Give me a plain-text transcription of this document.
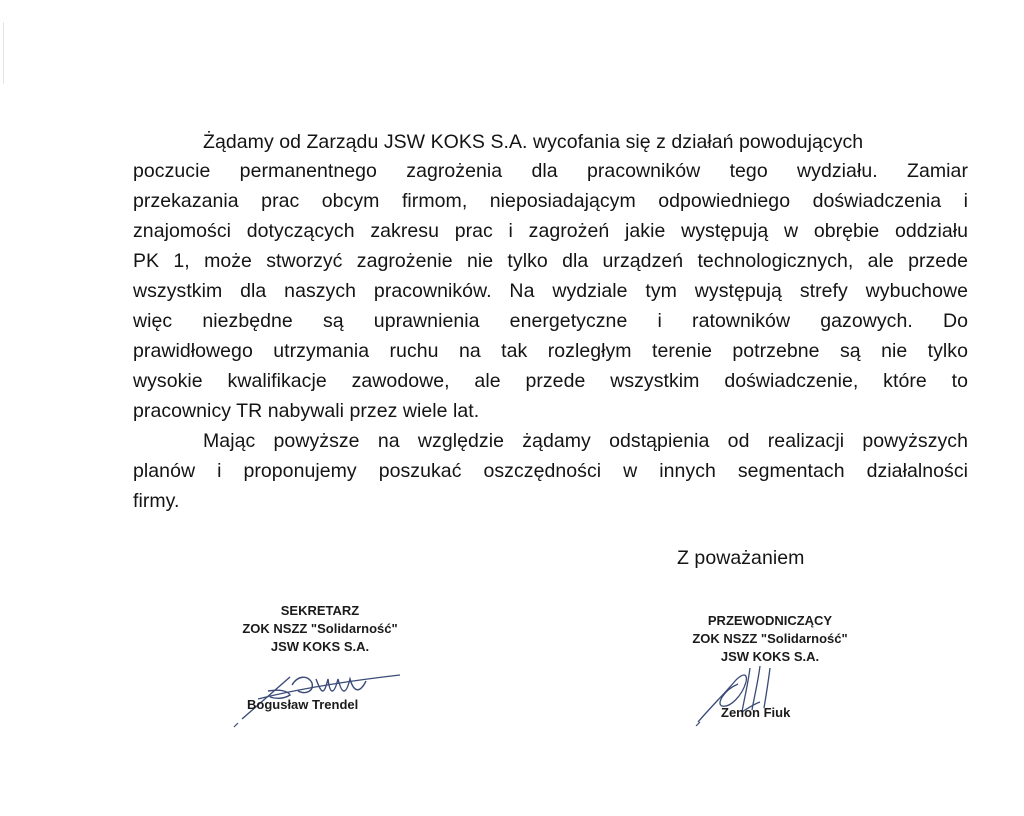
Żądamy od Zarządu JSW KOKS S.A. wycofania się z działań powodujących

poczucie permanentnego zagrożenia dla pracowników tego wydziału. Zamiar

przekazania prac obcym firmom, nieposiadającym odpowiedniego doświadczenia i

znajomości dotyczących zakresu prac i zagrożeń jakie występują w obrębie oddziału

PK 1, może stworzyć zagrożenie nie tylko dla urządzeń technologicznych, ale przede

wszystkim dla naszych pracowników. Na wydziale tym występują strefy wybuchowe

więc niezbędne są uprawnienia energetyczne i ratowników gazowych. Do

prawidłowego utrzymania ruchu na tak rozległym terenie potrzebne są nie tylko

wysokie kwalifikacje zawodowe, ale przede wszystkim doświadczenie, które to

pracownicy TR nabywali przez wiele lat.

Mając powyższe na względzie żądamy odstąpienia od realizacji powyższych

planów i proponujemy poszukać oszczędności w innych segmentach działalności

firmy.

Z poważaniem

SEKRETARZ
ZOK NSZZ "Solidarność"
JSW KOKS S.A.
Bogusław Trendel
PRZEWODNICZĄCY
ZOK NSZZ "Solidarność"
JSW KOKS S.A.
Zenon Fiuk
